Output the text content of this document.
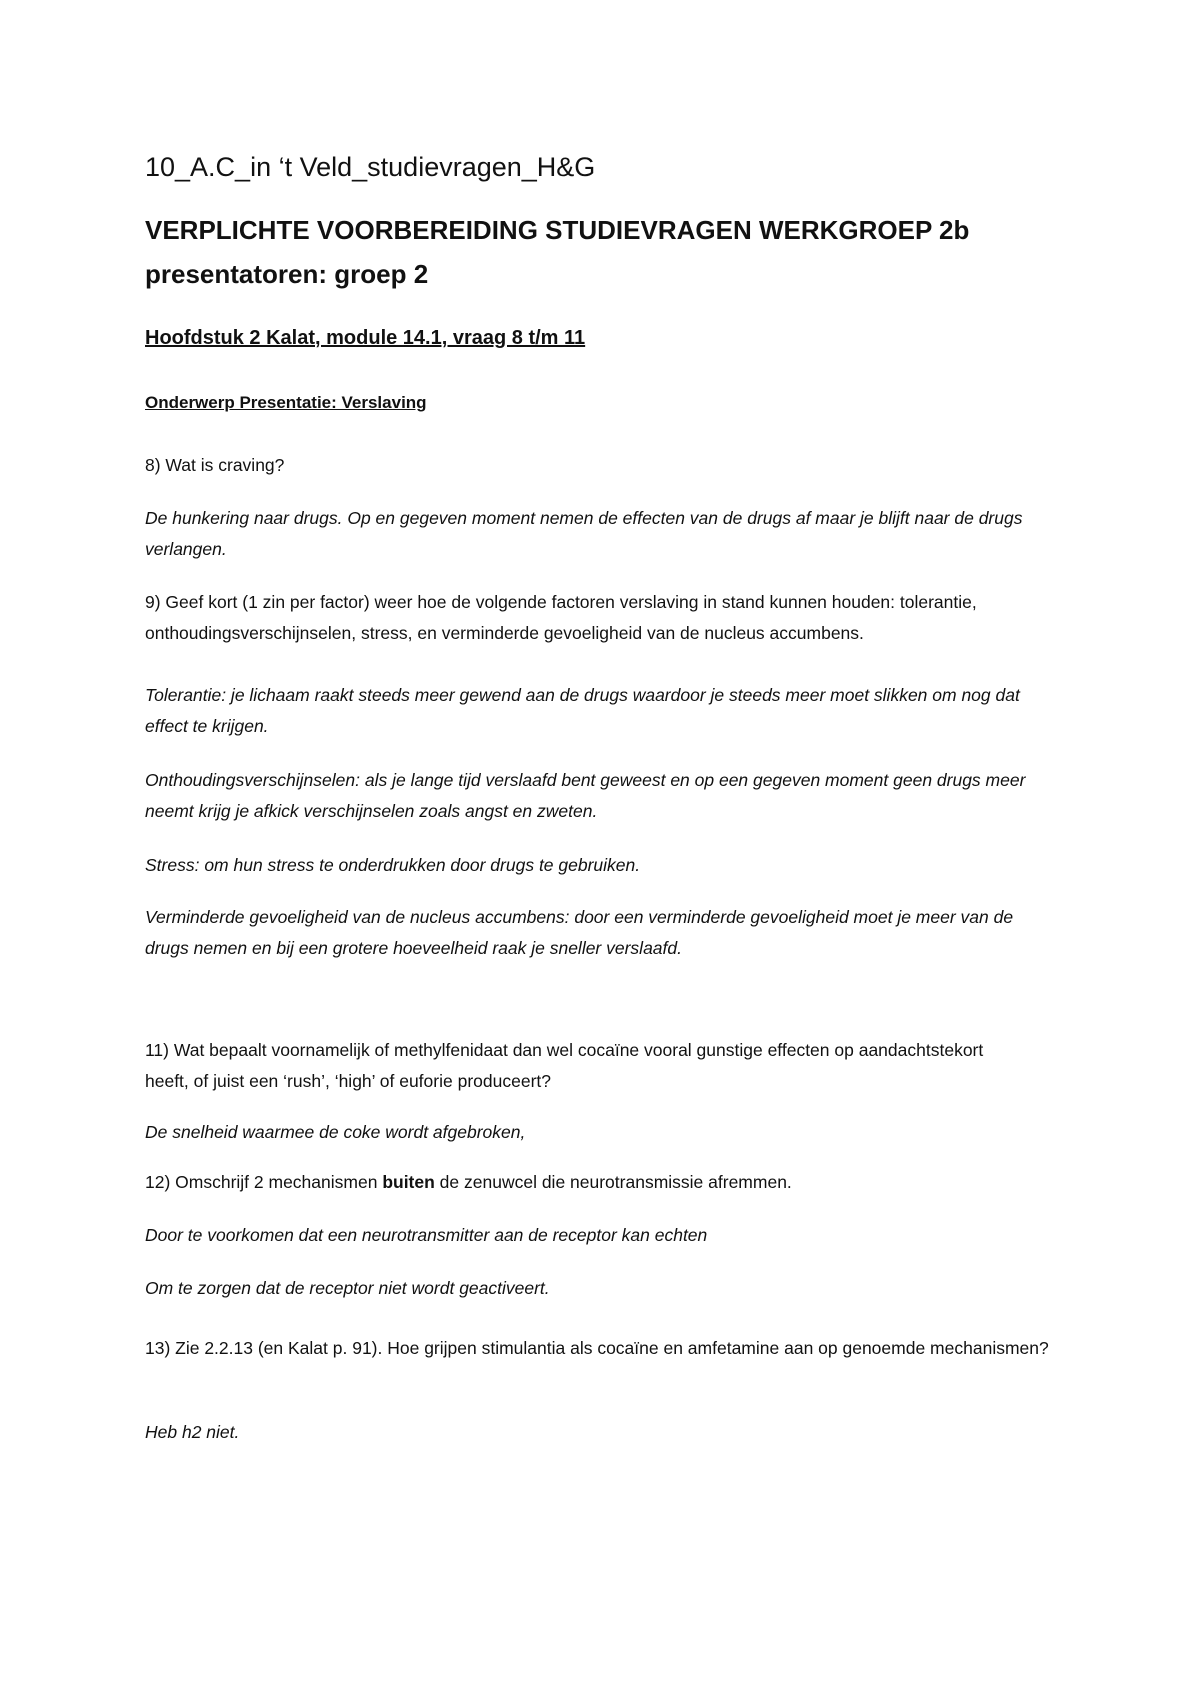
10_A.C_in ‘t Veld_studievragen_H&G

VERPLICHTE VOORBEREIDING STUDIEVRAGEN WERKGROEP 2b
presentatoren: groep 2

Hoofdstuk 2 Kalat, module 14.1, vraag 8 t/m 11

Onderwerp Presentatie: Verslaving

8) Wat is craving?

De hunkering naar drugs. Op en gegeven moment nemen de effecten van de drugs af maar je blijft naar de drugs verlangen.

9) Geef kort (1 zin per factor) weer hoe de volgende factoren verslaving in stand kunnen houden: tolerantie, onthoudingsverschijnselen, stress, en verminderde gevoeligheid van de nucleus accumbens.

Tolerantie: je lichaam raakt steeds meer gewend aan de drugs waardoor je steeds meer moet slikken om nog dat effect te krijgen.

Onthoudingsverschijnselen: als je lange tijd verslaafd bent geweest en op een gegeven moment geen drugs meer neemt krijg je afkick verschijnselen zoals angst en zweten.

Stress: om hun stress te onderdrukken door drugs te gebruiken.

Verminderde gevoeligheid van de nucleus accumbens: door een verminderde gevoeligheid moet je meer van de drugs nemen en bij een grotere hoeveelheid raak je sneller verslaafd.

11) Wat bepaalt voornamelijk of methylfenidaat dan wel cocaïne vooral gunstige effecten op aandachtstekort heeft, of juist een ‘rush’, ‘high’ of euforie produceert?

De snelheid waarmee de coke wordt afgebroken,

12) Omschrijf 2 mechanismen buiten de zenuwcel die neurotransmissie afremmen.

Door te voorkomen dat een neurotransmitter aan de receptor kan echten

Om te zorgen dat de receptor niet wordt geactiveert.

13) Zie 2.2.13 (en Kalat p. 91). Hoe grijpen stimulantia als cocaïne en amfetamine aan op genoemde mechanismen?

Heb h2 niet.
